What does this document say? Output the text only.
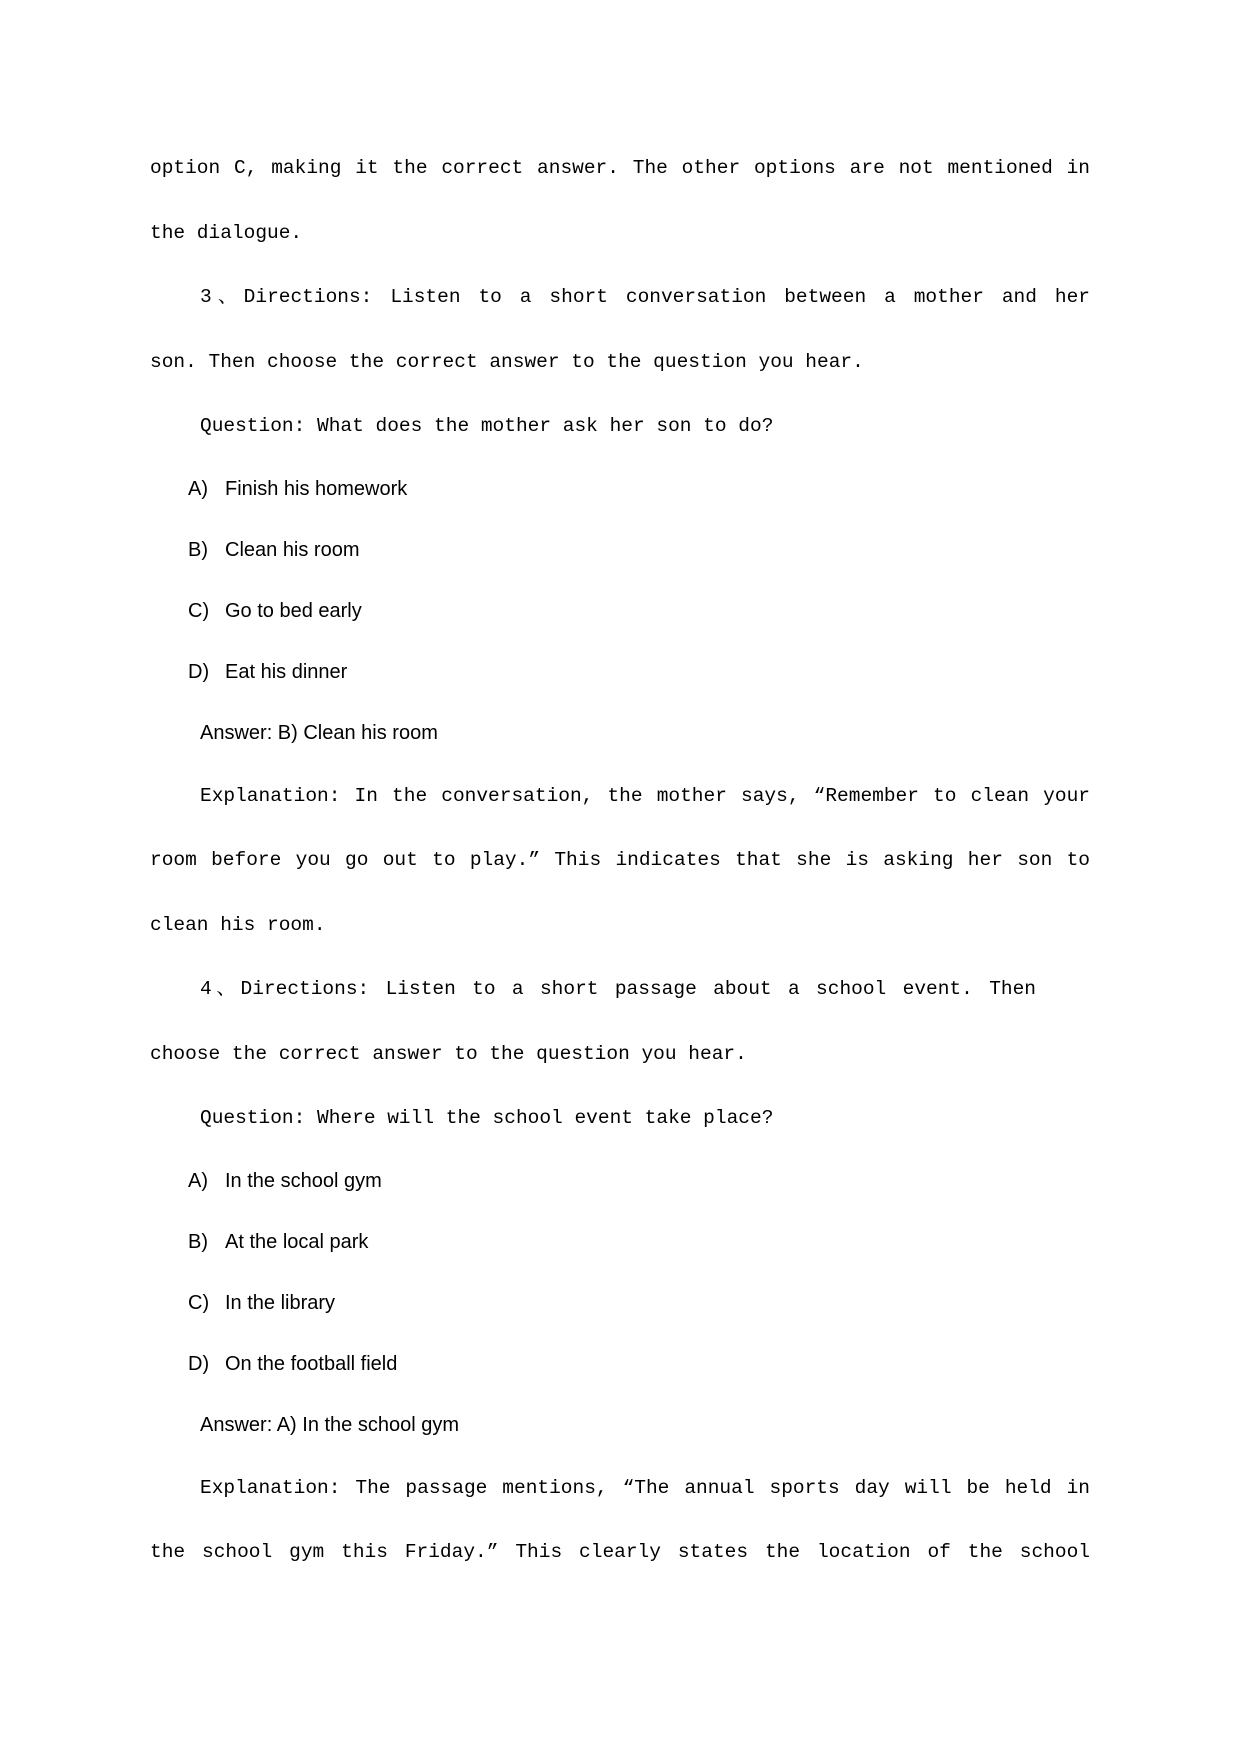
option C, making it the correct answer. The other options are not mentioned in
the dialogue.
3、Directions: Listen to a short conversation between a mother and her
son. Then choose the correct answer to the question you hear.
Question: What does the mother ask her son to do?
A) Finish his homework
B) Clean his room
C) Go to bed early
D) Eat his dinner
Answer: B) Clean his room
Explanation: In the conversation, the mother says, “Remember to clean your
room before you go out to play.” This indicates that she is asking her son to
clean his room.
4、Directions: Listen to a short passage about a school event. Then
choose the correct answer to the question you hear.
Question: Where will the school event take place?
A) In the school gym
B) At the local park
C) In the library
D) On the football field
Answer: A) In the school gym
Explanation: The passage mentions, “The annual sports day will be held in
the school gym this Friday.” This clearly states the location of the school
